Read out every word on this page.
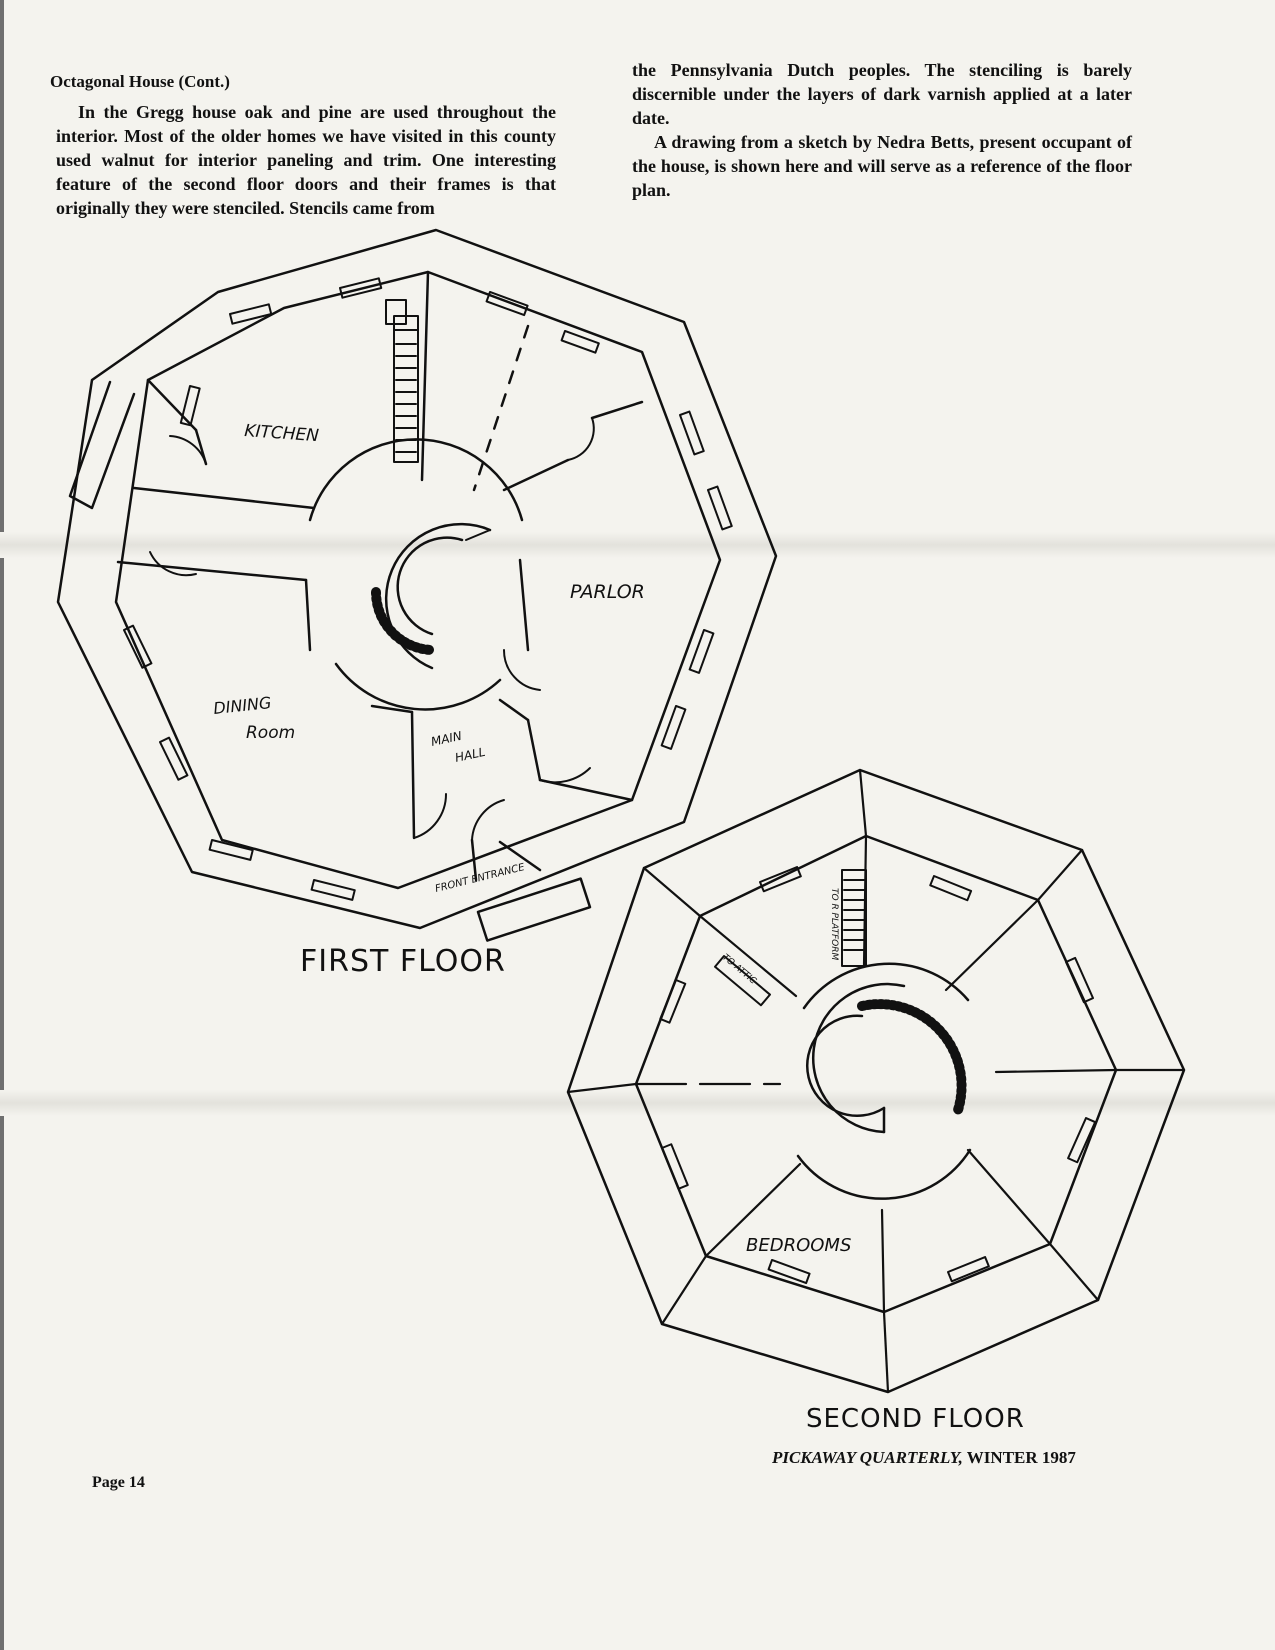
Octagonal House (Cont.)

In the Gregg house oak and pine are used throughout the interior. Most of the older homes we have visited in this county used walnut for interior paneling and trim. One interesting feature of the second floor doors and their frames is that originally they were stenciled. Stencils came from

the Pennsylvania Dutch peoples. The stenciling is barely discernible under the layers of dark varnish applied at a later date.

A drawing from a sketch by Nedra Betts, present occupant of the house, is shown here and will serve as a reference of the floor plan.

KITCHEN
PARLOR
DINING
Room	MAIN
HALL
FRONT ENTRANCE
BEDROOMS
TO ATTIC
TO R PLATFORM
FIRST FLOOR
SECOND FLOOR
Page 14
PICKAWAY QUARTERLY, WINTER 1987
